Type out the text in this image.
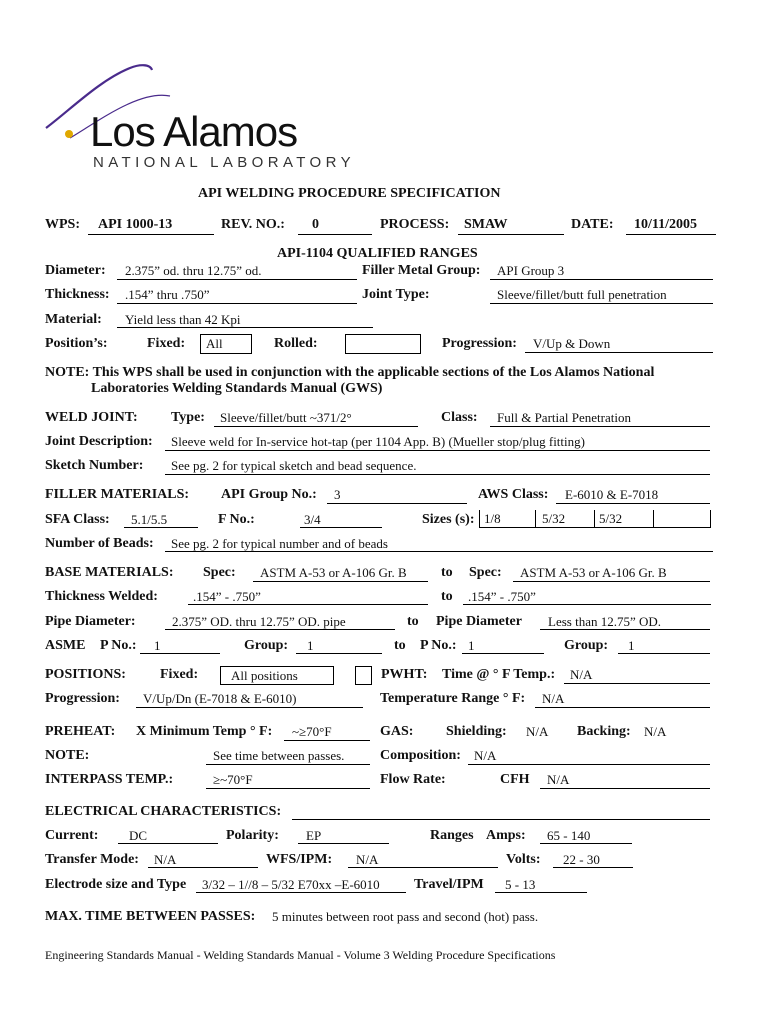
Los Alamos
NATIONAL LABORATORY
API WELDING PROCEDURE SPECIFICATION
WPS: API 1000-13	REV. NO.: 0	PROCESS: SMAW	DATE: 10/11/2005
API-1104 QUALIFIED RANGES
Diameter: 2.375” od. thru 12.75” od.	Filler Metal Group: API Group 3
Thickness: .154” thru .750”	Joint Type:	Sleeve/fillet/butt full penetration
Material: Yield less than 42 Kpi
Position’s:	Fixed: All	Rolled:	Progression: V/Up & Down
NOTE: This WPS shall be used in conjunction with the applicable sections of the Los Alamos National
Laboratories Welding Standards Manual (GWS)
WELD JOINT: Type: Sleeve/fillet/butt ~371/2°	Class: Full & Partial Penetration
Joint Description: Sleeve weld for In-service hot-tap (per 1104 App. B) (Mueller stop/plug fitting)
Sketch Number: See pg. 2 for typical sketch and bead sequence.
FILLER MATERIALS: API Group No.: 3	AWS Class: E-6010 & E-7018
SFA Class: 5.1/5.5	F No.:	3/4	Sizes (s): 1/8	5/32	5/32
Number of Beads: See pg. 2 for typical number and of beads
BASE MATERIALS: Spec: ASTM A-53 or A-106 Gr. B to Spec: ASTM A-53 or A-106 Gr. B
Thickness Welded:	.154” - .750”	to .154” - .750”
Pipe Diameter:	2.375” OD. thru 12.75” OD. pipe	to Pipe Diameter Less than 12.75” OD.
ASME P No.: 1	Group: 1	to P No.: 1	Group: 1
POSITIONS: Fixed:	All positions	PWHT: Time @ ° F Temp.: N/A
Progression: V/Up/Dn (E-7018 & E-6010)	Temperature Range ° F: N/A
PREHEAT: X Minimum Temp ° F: ~≥70°F	GAS: Shielding: N/A Backing: N/A
NOTE:	See time between passes.	Composition: N/A
INTERPASS TEMP.:	≥~70°F	Flow Rate:	CFH N/A
ELECTRICAL CHARACTERISTICS:
Current: DC	Polarity: EP	Ranges Amps: 65 - 140
Transfer Mode: N/A	WFS/IPM: N/A	Volts: 22 - 30
Electrode size and Type 3/32 – 1//8 – 5/32 E70xx –E-6010 Travel/IPM 5 - 13
MAX. TIME BETWEEN PASSES: 5 minutes between root pass and second (hot) pass.
Engineering Standards Manual - Welding Standards Manual - Volume 3 Welding Procedure Specifications
